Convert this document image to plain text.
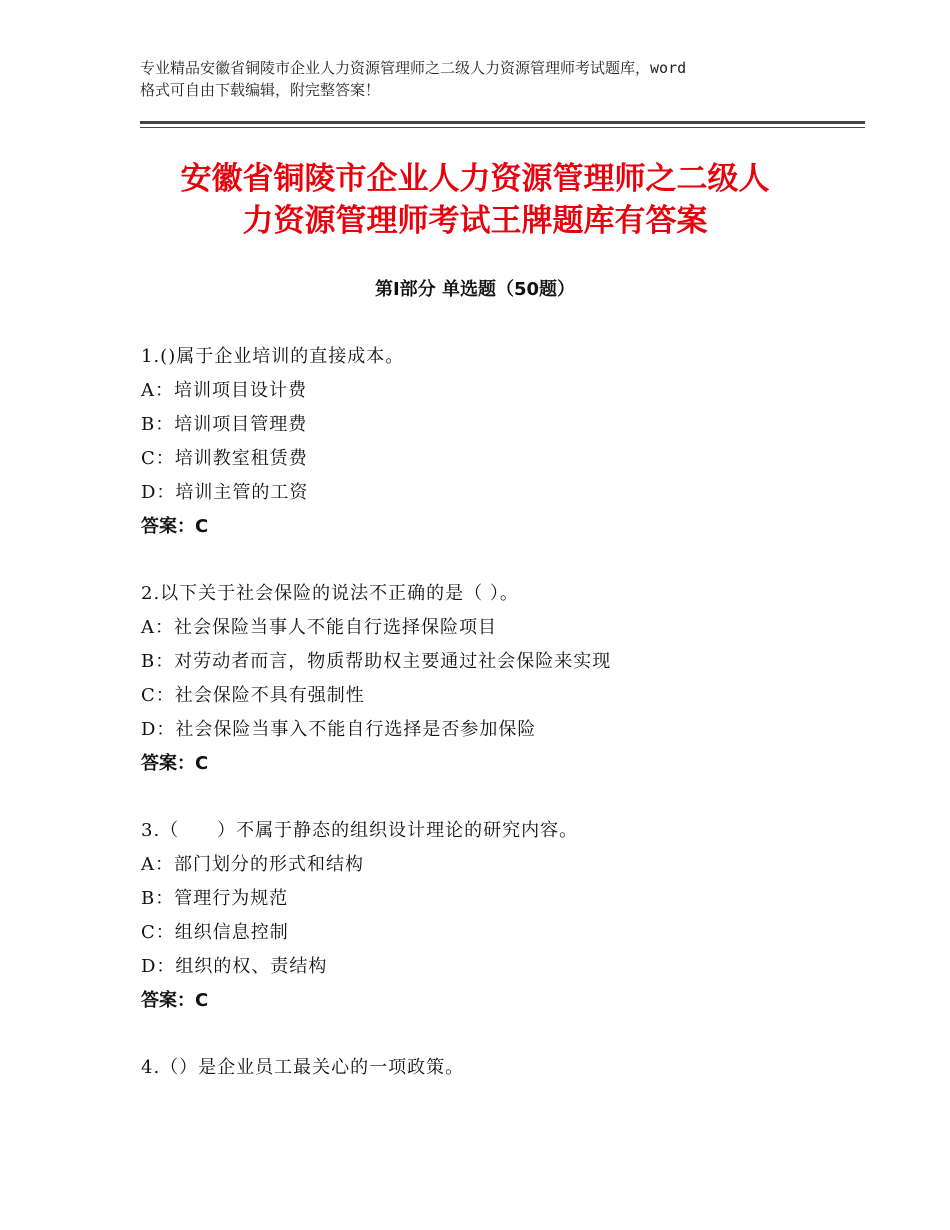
专业精品安徽省铜陵市企业人力资源管理师之二级人力资源管理师考试题库，word
格式可自由下载编辑，附完整答案！
安徽省铜陵市企业人力资源管理师之二级人
力资源管理师考试王牌题库有答案
第Ⅰ部分 单选题（50题）
1.()属于企业培训的直接成本。
A：培训项目设计费
B：培训项目管理费
C：培训教室租赁费
D：培训主管的工资
答案：C
2.以下关于社会保险的说法不正确的是（ ）。
A：社会保险当事人不能自行选择保险项目
B：对劳动者而言，物质帮助权主要通过社会保险来实现
C：社会保险不具有强制性
D：社会保险当事入不能自行选择是否参加保险
答案：C
3.（　　）不属于静态的组织设计理论的研究内容。
A：部门划分的形式和结构
B：管理行为规范
C：组织信息控制
D：组织的权、责结构
答案：C
4.（）是企业员工最关心的一项政策。
